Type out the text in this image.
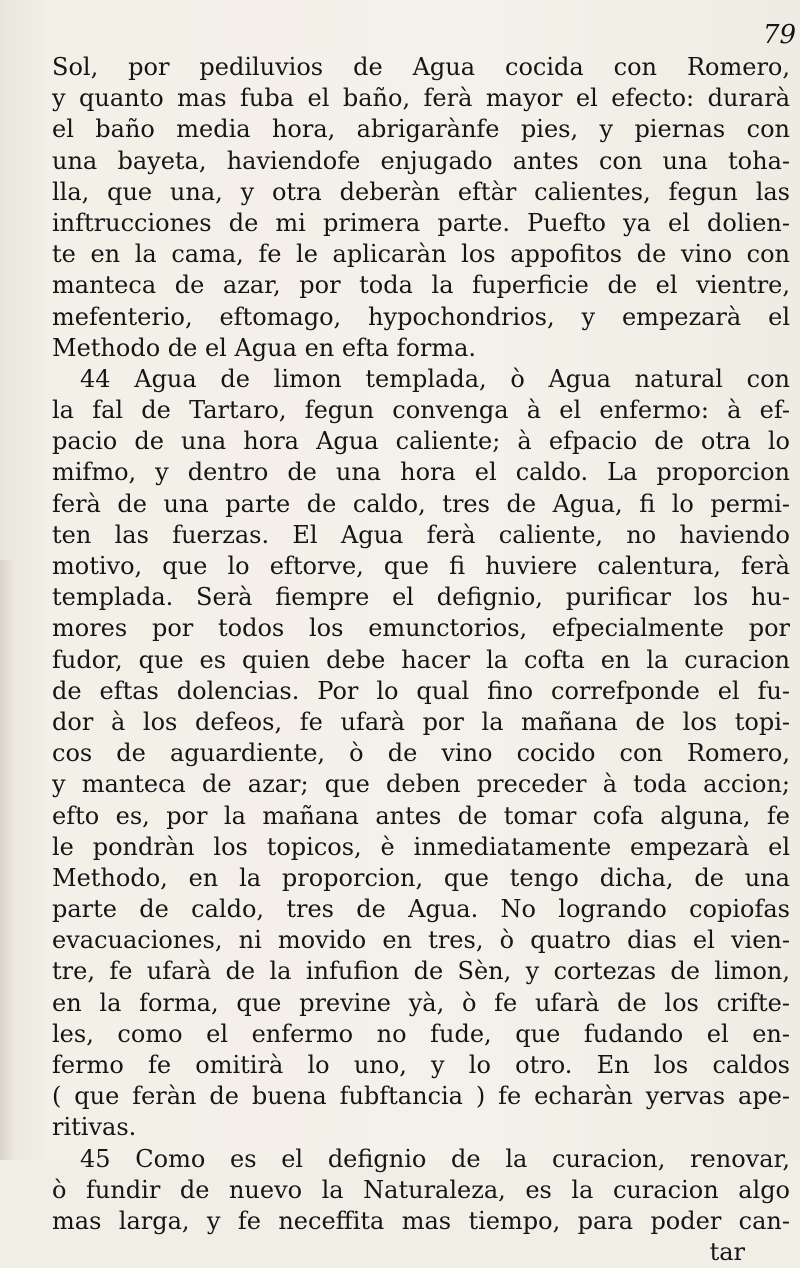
79
Sol, por pediluvios de Agua cocida con Romero,
y quanto mas fuba el baño, ferà mayor el efecto: durarà
el baño media hora, abrigarànfe pies, y piernas con
una bayeta, haviendofe enjugado antes con una toha-
lla, que una, y otra deberàn eftàr calientes, fegun las
inftrucciones de mi primera parte. Puefto ya el dolien-
te en la cama, fe le aplicaràn los appofitos de vino con
manteca de azar, por toda la fuperficie de el vientre,
mefenterio, eftomago, hypochondrios, y empezarà el
Methodo de el Agua en efta forma.
44 Agua de limon templada, ò Agua natural con
la fal de Tartaro, fegun convenga à el enfermo: à ef-
pacio de una hora Agua caliente; à efpacio de otra lo
mifmo, y dentro de una hora el caldo. La proporcion
ferà de una parte de caldo, tres de Agua, fi lo permi-
ten las fuerzas. El Agua ferà caliente, no haviendo
motivo, que lo eftorve, que fi huviere calentura, ferà
templada. Serà fiempre el defignio, purificar los hu-
mores por todos los emunctorios, efpecialmente por
fudor, que es quien debe hacer la cofta en la curacion
de eftas dolencias. Por lo qual fino correfponde el fu-
dor à los defeos, fe ufarà por la mañana de los topi-
cos de aguardiente, ò de vino cocido con Romero,
y manteca de azar; que deben preceder à toda accion;
efto es, por la mañana antes de tomar cofa alguna, fe
le pondràn los topicos, è inmediatamente empezarà el
Methodo, en la proporcion, que tengo dicha, de una
parte de caldo, tres de Agua. No logrando copiofas
evacuaciones, ni movido en tres, ò quatro dias el vien-
tre, fe ufarà de la infufion de Sèn, y cortezas de limon,
en la forma, que previne yà, ò fe ufarà de los crifte-
les, como el enfermo no fude, que fudando el en-
fermo fe omitirà lo uno, y lo otro. En los caldos
( que feràn de buena fubftancia ) fe echaràn yervas ape-
ritivas.
45 Como es el defignio de la curacion, renovar,
ò fundir de nuevo la Naturaleza, es la curacion algo
mas larga, y fe neceffita mas tiempo, para poder can-
tar
